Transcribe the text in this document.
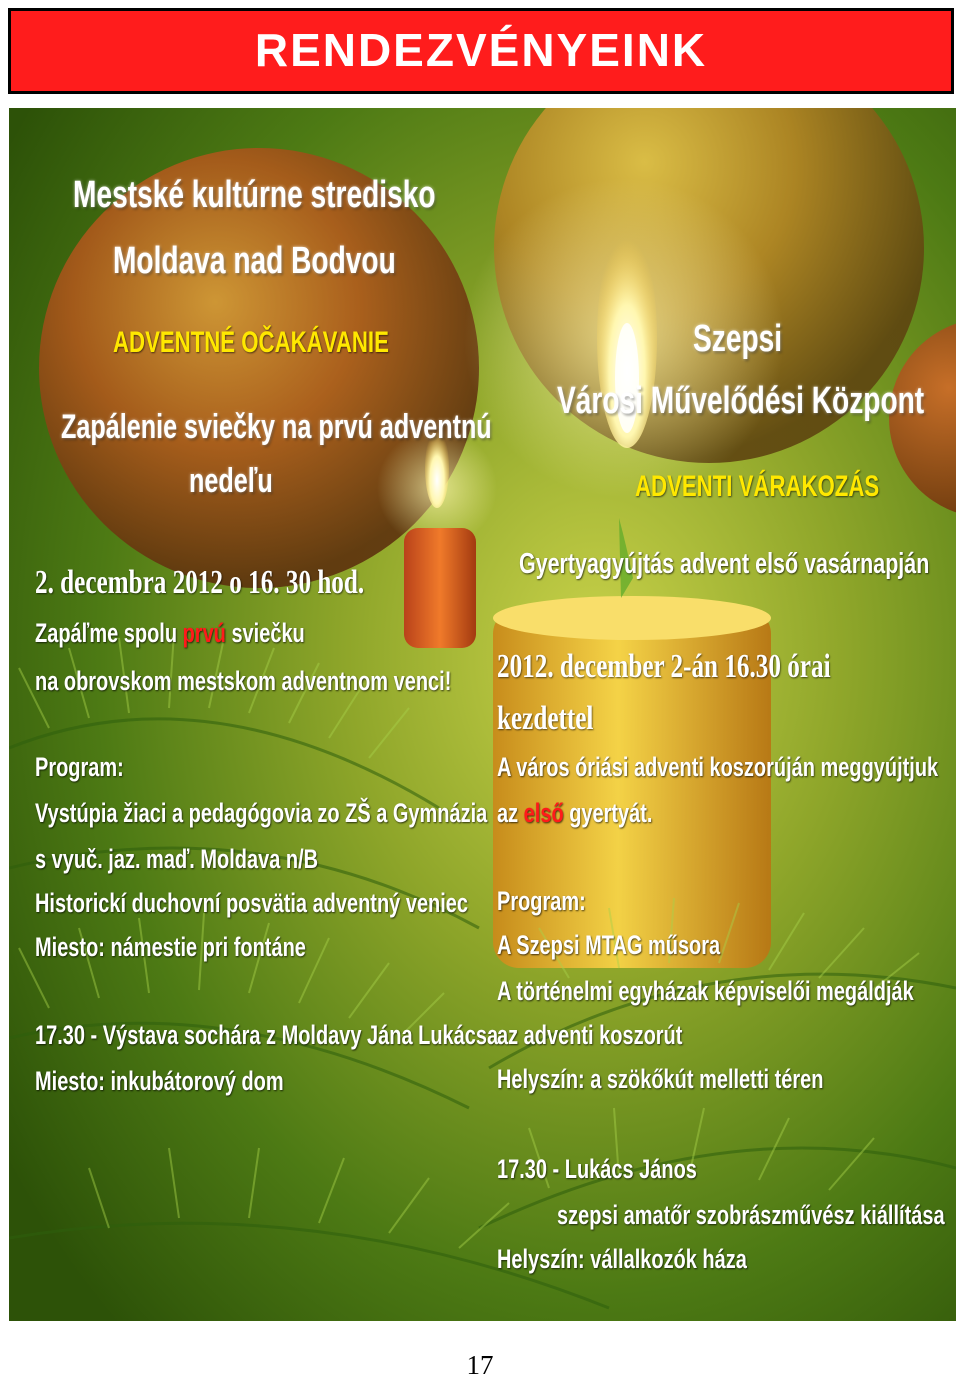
RENDEZVÉNYEINK
Mestské kultúrne stredisko
Moldava nad Bodvou
ADVENTNÉ OČAKÁVANIE
Zapálenie sviečky na prvú adventnú
nedeľu
2. decembra 2012 o 16. 30 hod.
Zapáľme spolu prvú sviečku
na obrovskom mestskom adventnom venci!
Program:
Vystúpia žiaci a pedagógovia zo ZŠ a Gymnázia
s vyuč. jaz. maď. Moldava n/B
Historickí duchovní posvätia adventný veniec
Miesto: námestie pri fontáne
17.30 - Výstava sochára z Moldavy Jána Lukácsa
Miesto: inkubátorový dom
Szepsi
Városi Művelődési Központ
ADVENTI VÁRAKOZÁS
Gyertyagyújtás advent első vasárnapján
2012. december 2-án 16.30 órai
kezdettel
A város óriási adventi koszorúján meggyújtjuk
az első gyertyát.
Program:
A Szepsi MTAG műsora
A történelmi egyházak képviselői megáldják
az adventi koszorút
Helyszín: a szökőkút melletti téren
17.30 - Lukács János
szepsi amatőr szobrászművész kiállítása
Helyszín: vállalkozók háza
17
